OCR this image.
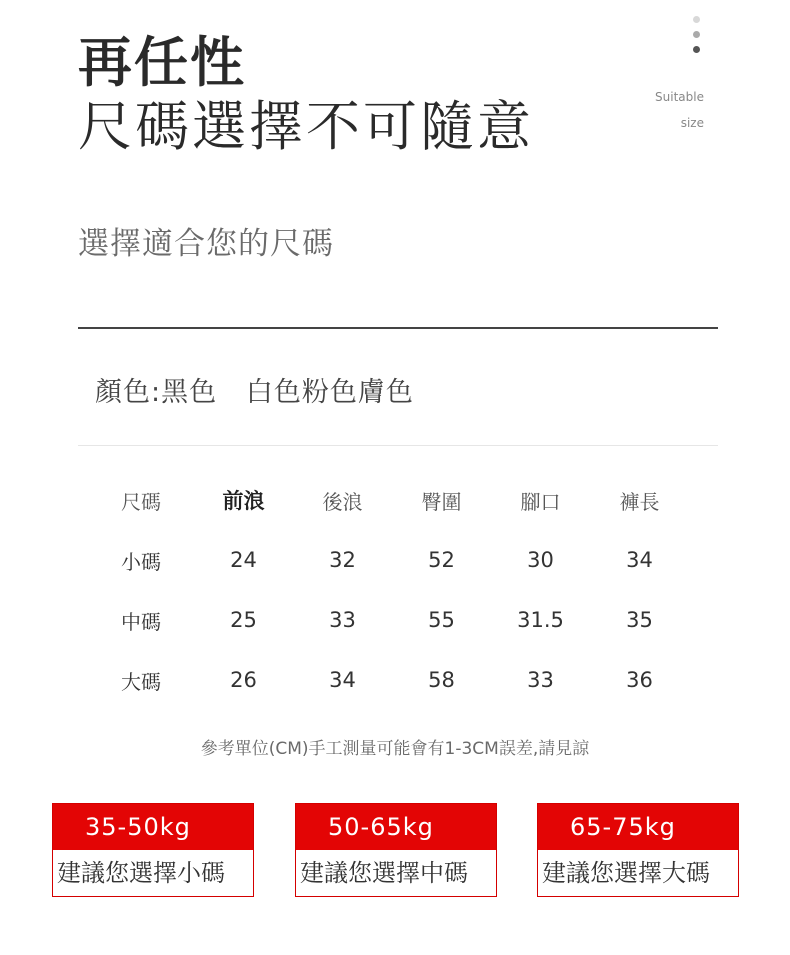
再任性
尺碼選擇不可隨意	Suitable
size
選擇適合您的尺碼
顏色:黑色   白色粉色膚色
尺碼	前浪	後浪	臀圍	腳口	褲長
小碼	24	32	52	30	34
中碼	25	33	55	31.5	35
大碼	26	34	58	33	36
參考單位(CM)手工測量可能會有1-3CM誤差,請見諒
35-50kg
建議您選擇小碼
50-65kg
建議您選擇中碼
65-75kg
建議您選擇大碼
